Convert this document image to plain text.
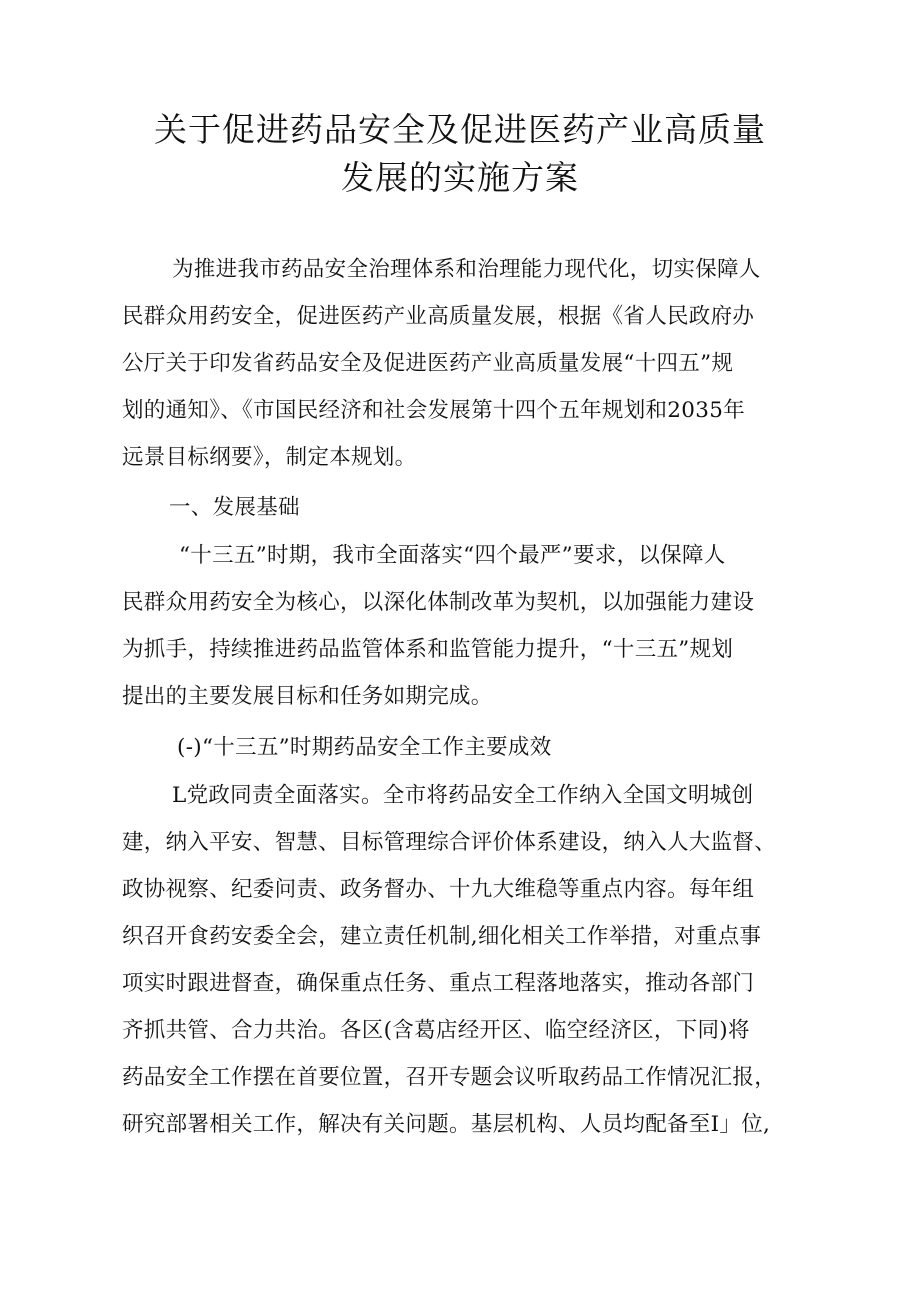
关于促进药品安全及促进医药产业高质量
发展的实施方案

为推进我市药品安全治理体系和治理能力现代化，切实保障人

民群众用药安全，促进医药产业高质量发展，根据《省人民政府办

公厅关于印发省药品安全及促进医药产业高质量发展“十四五”规

划的通知》、《市国民经济和社会发展第十四个五年规划和2035年

远景目标纲要》，制定本规划。

一、发展基础

“十三五”时期，我市全面落实“四个最严”要求，以保障人

民群众用药安全为核心，以深化体制改革为契机，以加强能力建设

为抓手，持续推进药品监管体系和监管能力提升，“十三五”规划

提出的主要发展目标和任务如期完成。

(-)“十三五”时期药品安全工作主要成效

L党政同责全面落实。全市将药品安全工作纳入全国文明城创

建，纳入平安、智慧、目标管理综合评价体系建设，纳入人大监督、

政协视察、纪委问责、政务督办、十九大维稳等重点内容。每年组

织召开食药安委全会，建立责任机制,细化相关工作举措，对重点事

项实时跟进督查，确保重点任务、重点工程落地落实，推动各部门

齐抓共管、合力共治。各区(含葛店经开区、临空经济区，下同)将

药品安全工作摆在首要位置，召开专题会议听取药品工作情况汇报，

研究部署相关工作，解决有关问题。基层机构、人员均配备至I」位,
